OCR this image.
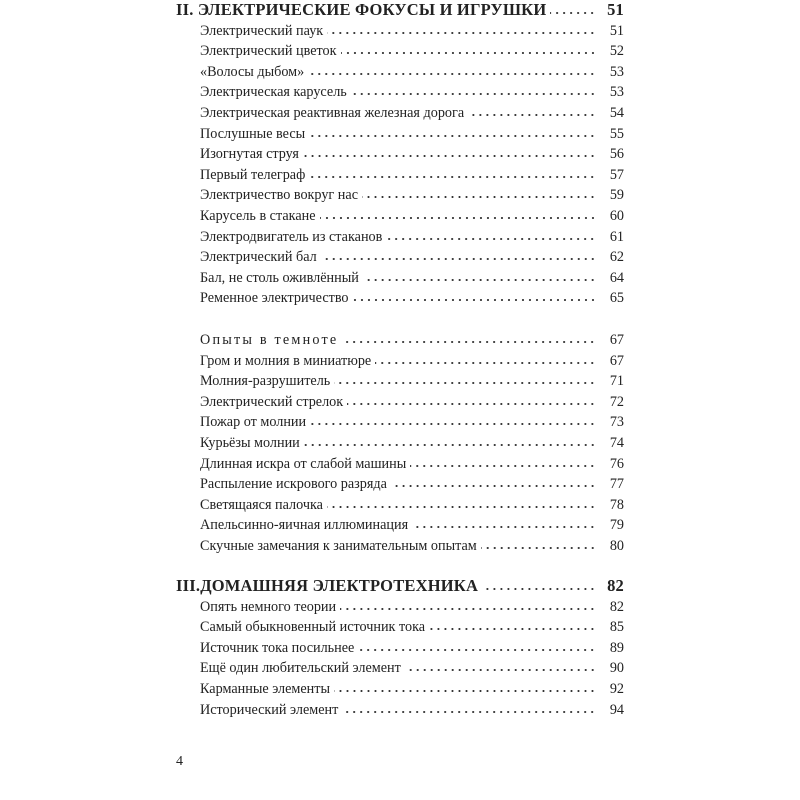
II. ЭЛЕКТРИЧЕСКИЕ ФОКУСЫ И ИГРУШКИ	51
Электрический паук	51
Электрический цветок	52
«Волосы дыбом»	53
Электрическая карусель	53
Электрическая реактивная железная дорога	54
Послушные весы	55
Изогнутая струя	56
Первый телеграф	57
Электричество вокруг нас	59
Карусель в стакане	60
Электродвигатель из стаканов	61
Электрический бал	62
Бал, не столь оживлённый	64
Ременное электричество	65
Опыты в темноте	67
Гром и молния в миниатюре	67
Молния-разрушитель	71
Электрический стрелок	72
Пожар от молнии	73
Курьёзы молнии	74
Длинная искра от слабой машины	76
Распыление искрового разряда	77
Светящаяся палочка	78
Апельсинно-яичная иллюминация	79
Скучные замечания к занимательным опытам	80
III.ДОМАШНЯЯ ЭЛЕКТРОТЕХНИКА	82
Опять немного теории	82
Самый обыкновенный источник тока	85
Источник тока посильнее	89
Ещё один любительский элемент	90
Карманные элементы	92
Исторический элемент	94
4
